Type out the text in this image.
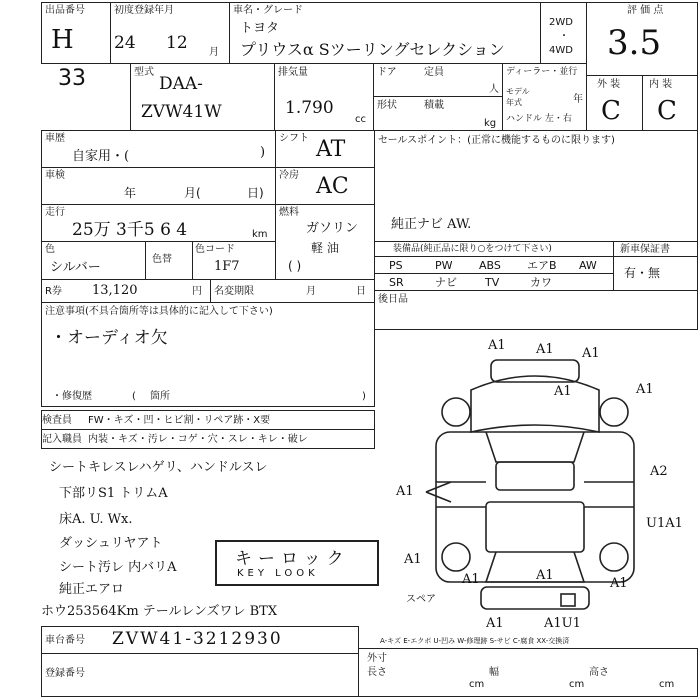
出品番号
33
初度登録年月
H 24 12 月
車名・グレード
トヨタ
プリウスα Sツーリングセレクション
2WD
・
4WD
評 価 点
3.5
型式
DAA-
ZVW41W
排気量
1.790
cc
ドア	定員
人
形状	積載
kg
ディーラー・並行
モデル年式	年
ハンドル 左・右
外 装	内 装
C C
車歴
自家用・(	)
シフト AT
車検
年	月(	日)
冷房 AC
走行
25万 3千5 6 4	km
燃料
ガソリン
軽 油
( )
色
シルバー
色替
色コード
1F7
R券 13,120	円 名変期限	月	日
注意事項(不具合箇所等は具体的に記入して下さい)
・オーディオ欠
・修復歴	( 箇所	)
検査員 FW・キズ・凹・ヒビ割・リペア跡・X要
記入職員 内装・キズ・汚レ・コゲ・穴・スレ・キレ・破レ
シートキレスレハゲリ、ハンドルスレ
下部リS1 トリムA
床A. U. Wx.
ダッシュリヤアト
シート汚レ 内バリA
純正エアロ
ホウ253564Km テールレンズワレ BTX
キーロック
KEY LOOK
セールスポイント：(正常に機能するものに限ります)
純正ナビ AW.
装備品(純正品に限り○をつけて下さい)
PS	PW ABS エアB AW
SR	ナビ	TV	カワ
新車保証書
有・無
後日品
A1 A1 A1
A1	A1
A2
A1
U1A1
A1
A1	A1
A1
A1	A1U1
スペア
A-キズ E-エクボ U-凹み W-修理跡 S-サビ C-腐食 XX-交換済
車台番号 ZVW41-3212930
登録番号
外寸
長さ
cm
幅
cm
高さ
cm
